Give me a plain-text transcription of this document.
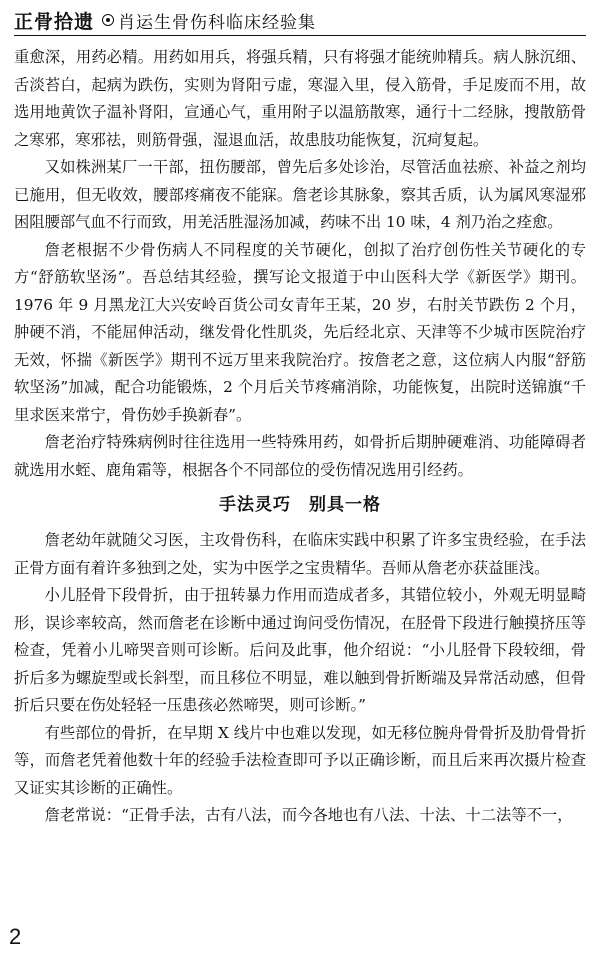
正骨拾遗 肖运生骨伤科临床经验集

重愈深，用药必精。用药如用兵，将强兵精，只有将强才能统帅精兵。病人脉沉细、舌淡苔白，起病为跌伤，实则为肾阳亏虚，寒湿入里，侵入筋骨，手足废而不用，故选用地黄饮子温补肾阳，宣通心气，重用附子以温筋散寒，通行十二经脉，搜散筋骨之寒邪，寒邪祛，则筋骨强，湿退血活，故患肢功能恢复，沉疴复起。

又如株洲某厂一干部，扭伤腰部，曾先后多处诊治，尽管活血祛瘀、补益之剂均已施用，但无收效，腰部疼痛夜不能寐。詹老诊其脉象，察其舌质，认为属风寒湿邪困阻腰部气血不行而致，用羌活胜湿汤加减，药味不出 10 味，4 剂乃治之痊愈。

詹老根据不少骨伤病人不同程度的关节硬化，创拟了治疗创伤性关节硬化的专方“舒筋软坚汤”。吾总结其经验，撰写论文报道于中山医科大学《新医学》期刊。1976 年 9 月黑龙江大兴安岭百货公司女青年王某，20 岁，右肘关节跌伤 2 个月，肿硬不消，不能屈伸活动，继发骨化性肌炎，先后经北京、天津等不少城市医院治疗无效，怀揣《新医学》期刊不远万里来我院治疗。按詹老之意，这位病人内服“舒筋软坚汤”加减，配合功能锻炼，2 个月后关节疼痛消除，功能恢复，出院时送锦旗“千里求医来常宁，骨伤妙手换新春”。

詹老治疗特殊病例时往往选用一些特殊用药，如骨折后期肿硬难消、功能障碍者就选用水蛭、鹿角霜等，根据各个不同部位的受伤情况选用引经药。

手法灵巧　别具一格

詹老幼年就随父习医，主攻骨伤科，在临床实践中积累了许多宝贵经验，在手法正骨方面有着许多独到之处，实为中医学之宝贵精华。吾师从詹老亦获益匪浅。

小儿胫骨下段骨折，由于扭转暴力作用而造成者多，其错位较小，外观无明显畸形，误诊率较高，然而詹老在诊断中通过询问受伤情况，在胫骨下段进行触摸挤压等检查，凭着小儿啼哭音则可诊断。后问及此事，他介绍说：“小儿胫骨下段较细，骨折后多为螺旋型或长斜型，而且移位不明显，难以触到骨折断端及异常活动感，但骨折后只要在伤处轻轻一压患孩必然啼哭，则可诊断。”

有些部位的骨折，在早期 X 线片中也难以发现，如无移位腕舟骨骨折及肋骨骨折等，而詹老凭着他数十年的经验手法检查即可予以正确诊断，而且后来再次摄片检查又证实其诊断的正确性。

詹老常说：“正骨手法，古有八法，而今各地也有八法、十法、十二法等不一，

2
